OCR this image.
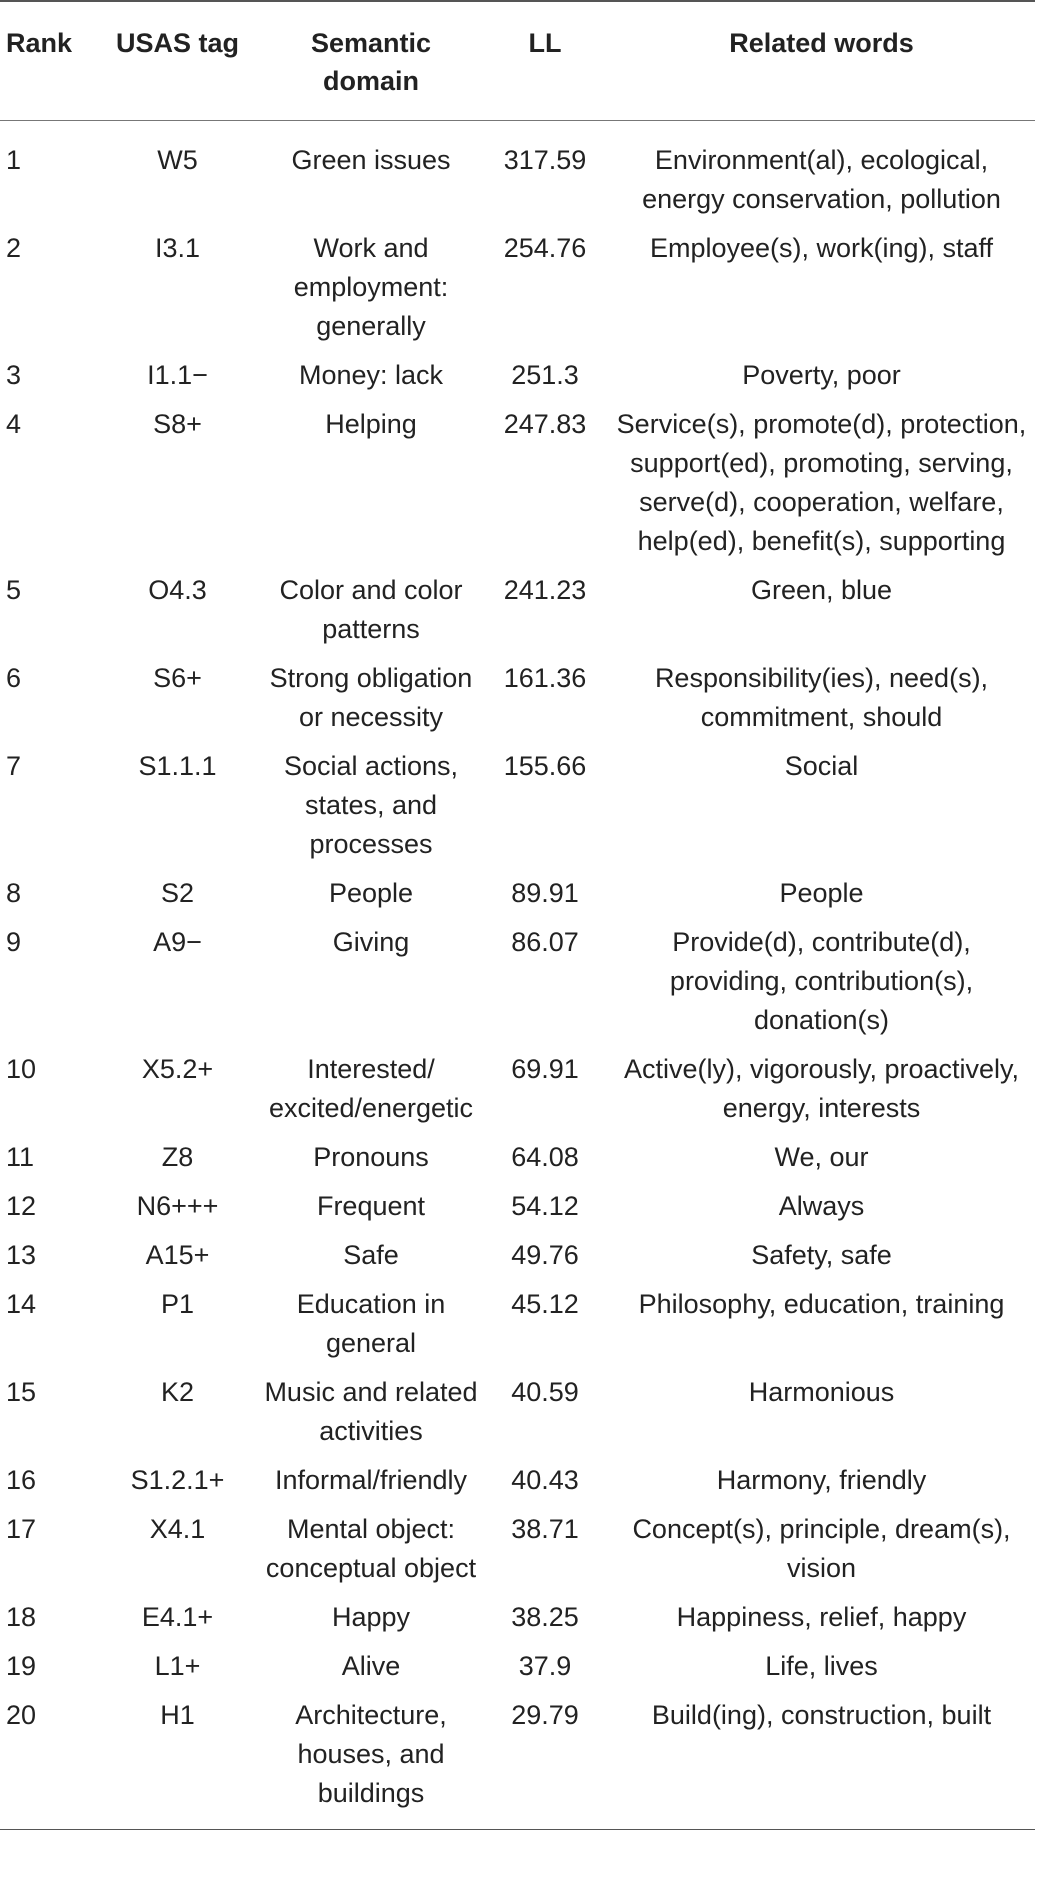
Rank	USAS tag	Semantic domain	LL	Related words
1	W5	Green issues	317.59	Environment(al), ecological, energy conservation, pollution
2	I3.1	Work and employment: generally	254.76	Employee(s), work(ing), staff
3	I1.1−	Money: lack	251.3	Poverty, poor
4	S8+	Helping	247.83	Service(s), promote(d), protection, support(ed), promoting, serving, serve(d), cooperation, welfare, help(ed), benefit(s), supporting
5	O4.3	Color and color patterns	241.23	Green, blue
6	S6+	Strong obligation or necessity	161.36	Responsibility(ies), need(s), commitment, should
7	S1.1.1	Social actions, states, and processes	155.66	Social
8	S2	People	89.91	People
9	A9−	Giving	86.07	Provide(d), contribute(d), providing, contribution(s), donation(s)
10	X5.2+	Interested/ excited/energetic	69.91	Active(ly), vigorously, proactively, energy, interests
11	Z8	Pronouns	64.08	We, our
12	N6+++	Frequent	54.12	Always
13	A15+	Safe	49.76	Safety, safe
14	P1	Education in general	45.12	Philosophy, education, training
15	K2	Music and related activities	40.59	Harmonious
16	S1.2.1+	Informal/friendly	40.43	Harmony, friendly
17	X4.1	Mental object: conceptual object	38.71	Concept(s), principle, dream(s), vision
18	E4.1+	Happy	38.25	Happiness, relief, happy
19	L1+	Alive	37.9	Life, lives
20	H1	Architecture, houses, and buildings	29.79	Build(ing), construction, built
